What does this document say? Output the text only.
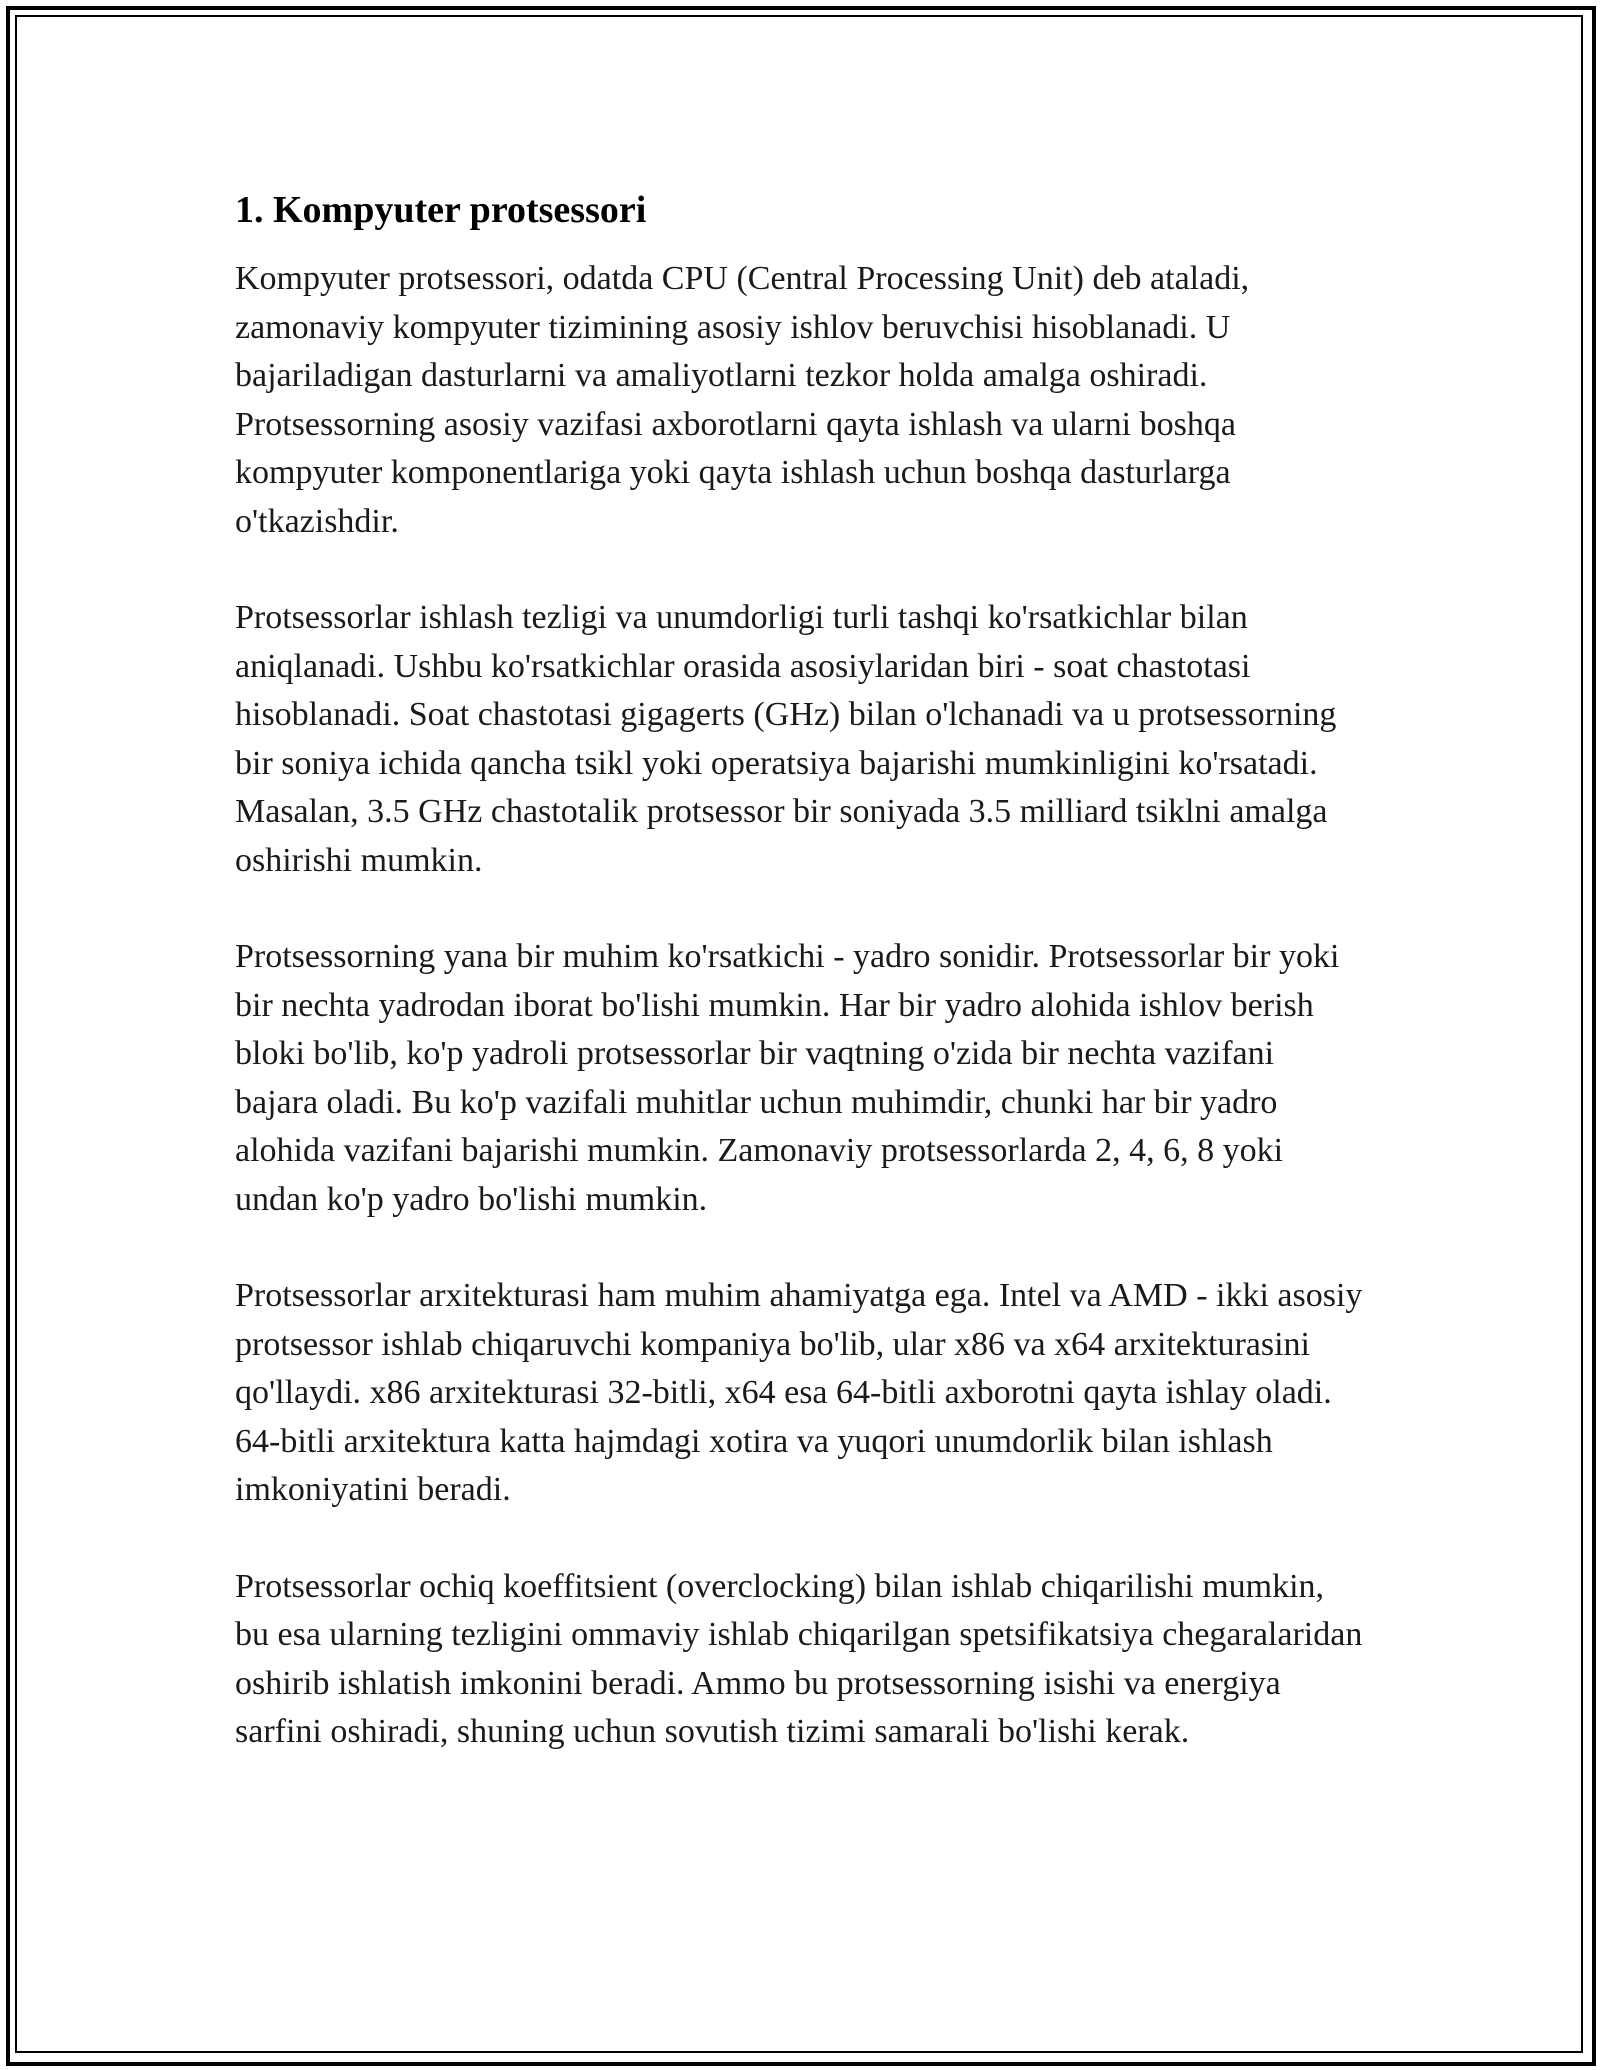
1. Kompyuter protsessori

Kompyuter protsessori, odatda CPU (Central Processing Unit) deb ataladi, zamonaviy kompyuter tizimining asosiy ishlov beruvchisi hisoblanadi. U bajariladigan dasturlarni va amaliyotlarni tezkor holda amalga oshiradi. Protsessorning asosiy vazifasi axborotlarni qayta ishlash va ularni boshqa kompyuter komponentlariga yoki qayta ishlash uchun boshqa dasturlarga o'tkazishdir.

Protsessorlar ishlash tezligi va unumdorligi turli tashqi ko'rsatkichlar bilan aniqlanadi. Ushbu ko'rsatkichlar orasida asosiylaridan biri - soat chastotasi hisoblanadi. Soat chastotasi gigagerts (GHz) bilan o'lchanadi va u protsessorning bir soniya ichida qancha tsikl yoki operatsiya bajarishi mumkinligini ko'rsatadi. Masalan, 3.5 GHz chastotalik protsessor bir soniyada 3.5 milliard tsiklni amalga oshirishi mumkin.

Protsessorning yana bir muhim ko'rsatkichi - yadro sonidir. Protsessorlar bir yoki bir nechta yadrodan iborat bo'lishi mumkin. Har bir yadro alohida ishlov berish bloki bo'lib, ko'p yadroli protsessorlar bir vaqtning o'zida bir nechta vazifani bajara oladi. Bu ko'p vazifali muhitlar uchun muhimdir, chunki har bir yadro alohida vazifani bajarishi mumkin. Zamonaviy protsessorlarda 2, 4, 6, 8 yoki undan ko'p yadro bo'lishi mumkin.

Protsessorlar arxitekturasi ham muhim ahamiyatga ega. Intel va AMD - ikki asosiy protsessor ishlab chiqaruvchi kompaniya bo'lib, ular x86 va x64 arxitekturasini qo'llaydi. x86 arxitekturasi 32-bitli, x64 esa 64-bitli axborotni qayta ishlay oladi. 64-bitli arxitektura katta hajmdagi xotira va yuqori unumdorlik bilan ishlash imkoniyatini beradi.

Protsessorlar ochiq koeffitsient (overclocking) bilan ishlab chiqarilishi mumkin, bu esa ularning tezligini ommaviy ishlab chiqarilgan spetsifikatsiya chegaralaridan oshirib ishlatish imkonini beradi. Ammo bu protsessorning isishi va energiya sarfini oshiradi, shuning uchun sovutish tizimi samarali bo'lishi kerak.
